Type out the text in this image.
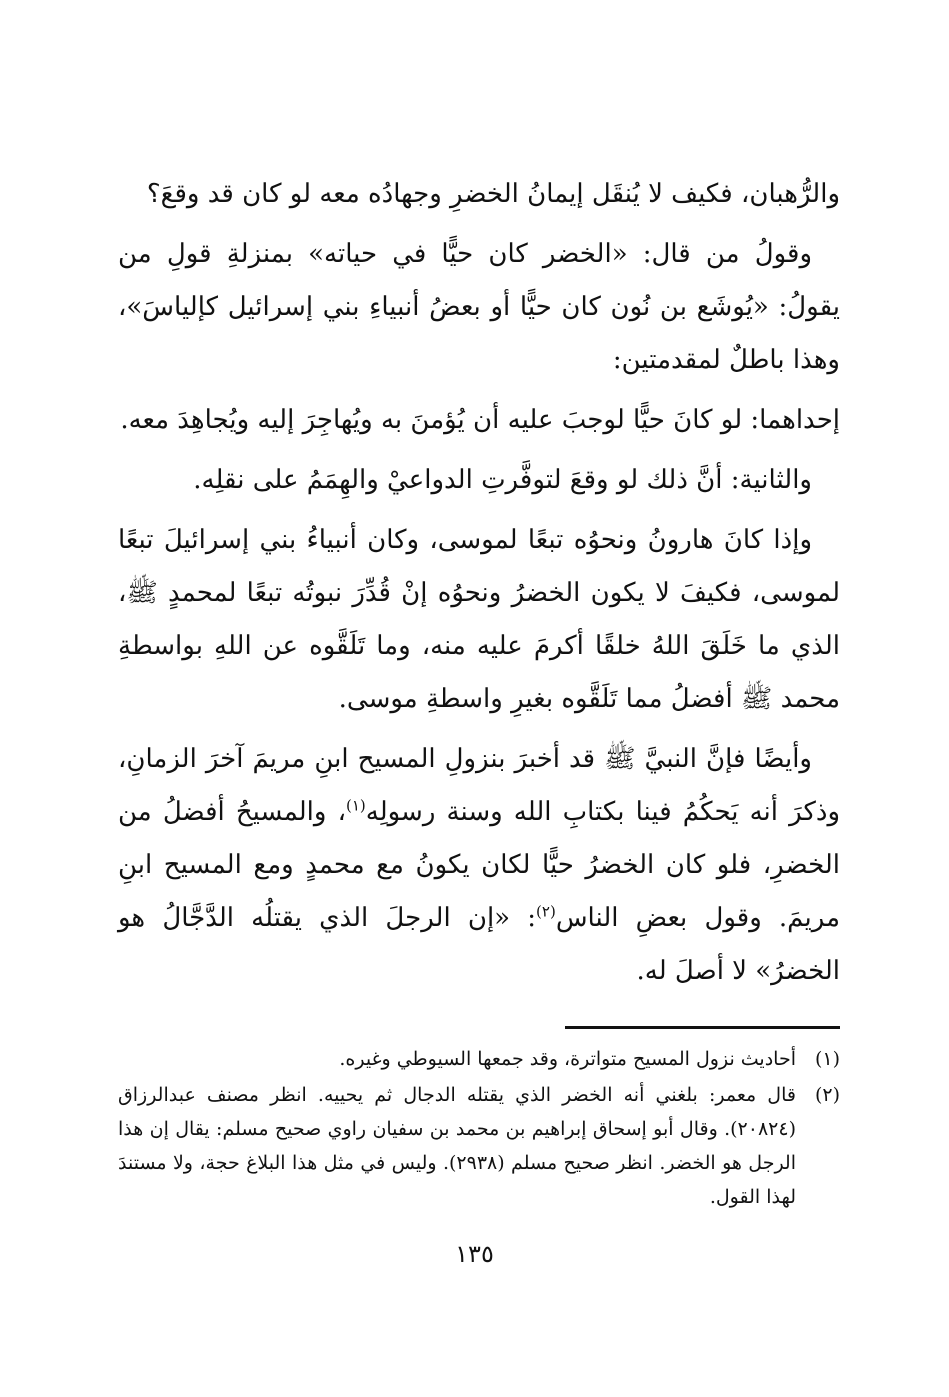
والرُّهبان، فكيف لا يُنقَل إيمانُ الخضرِ وجهادُه معه لو كان قد وقعَ؟

وقولُ من قال: «الخضر كان حيًّا في حياته» بمنزلةِ قولِ من يقولُ: «يُوشَع بن نُون كان حيًّا أو بعضُ أنبياءِ بني إسرائيل كإلياسَ»، وهذا باطلٌ لمقدمتين:

إحداهما: لو كانَ حيًّا لوجبَ عليه أن يُؤمنَ به ويُهاجِرَ إليه ويُجاهِدَ معه.

والثانية: أنَّ ذلك لو وقعَ لتوفَّرتِ الدواعيْ والهِمَمُ على نقلِه.

وإذا كانَ هارونُ ونحوُه تبعًا لموسى، وكان أنبياءُ بني إسرائيلَ تبعًا لموسى، فكيفَ لا يكون الخضرُ ونحوُه إنْ قُدِّرَ نبوتُه تبعًا لمحمدٍ ﷺ، الذي ما خَلَقَ اللهُ خلقًا أكرمَ عليه منه، وما تَلَقَّوه عن اللهِ بواسطةِ محمد ﷺ أفضلُ مما تَلَقَّوه بغيرِ واسطةِ موسى.

وأيضًا فإنَّ النبيَّ ﷺ قد أخبرَ بنزولِ المسيح ابنِ مريمَ آخرَ الزمانِ، وذكرَ أنه يَحكُمُ فينا بكتابِ الله وسنة رسولِه$^{(١)}$، والمسيحُ أفضلُ من الخضرِ، فلو كان الخضرُ حيًّا لكان يكونُ مع محمدٍ ومع المسيح ابنِ مريمَ. وقول بعضِ الناس$^{(٢)}$: «إن الرجلَ الذي يقتلُه الدَّجَّالُ هو الخضرُ» لا أصلَ له.

(١)
أحاديث نزول المسيح متواترة، وقد جمعها السيوطي وغيره.
(٢)
قال معمر: بلغني أنه الخضر الذي يقتله الدجال ثم يحييه. انظر مصنف عبدالرزاق (٢٠٨٢٤). وقال أبو إسحاق إبراهيم بن محمد بن سفيان راوي صحيح مسلم: يقال إن هذا الرجل هو الخضر. انظر صحيح مسلم (٢٩٣٨). وليس في مثل هذا البلاغ حجة، ولا مستندَ لهذا القول.
١٣٥
